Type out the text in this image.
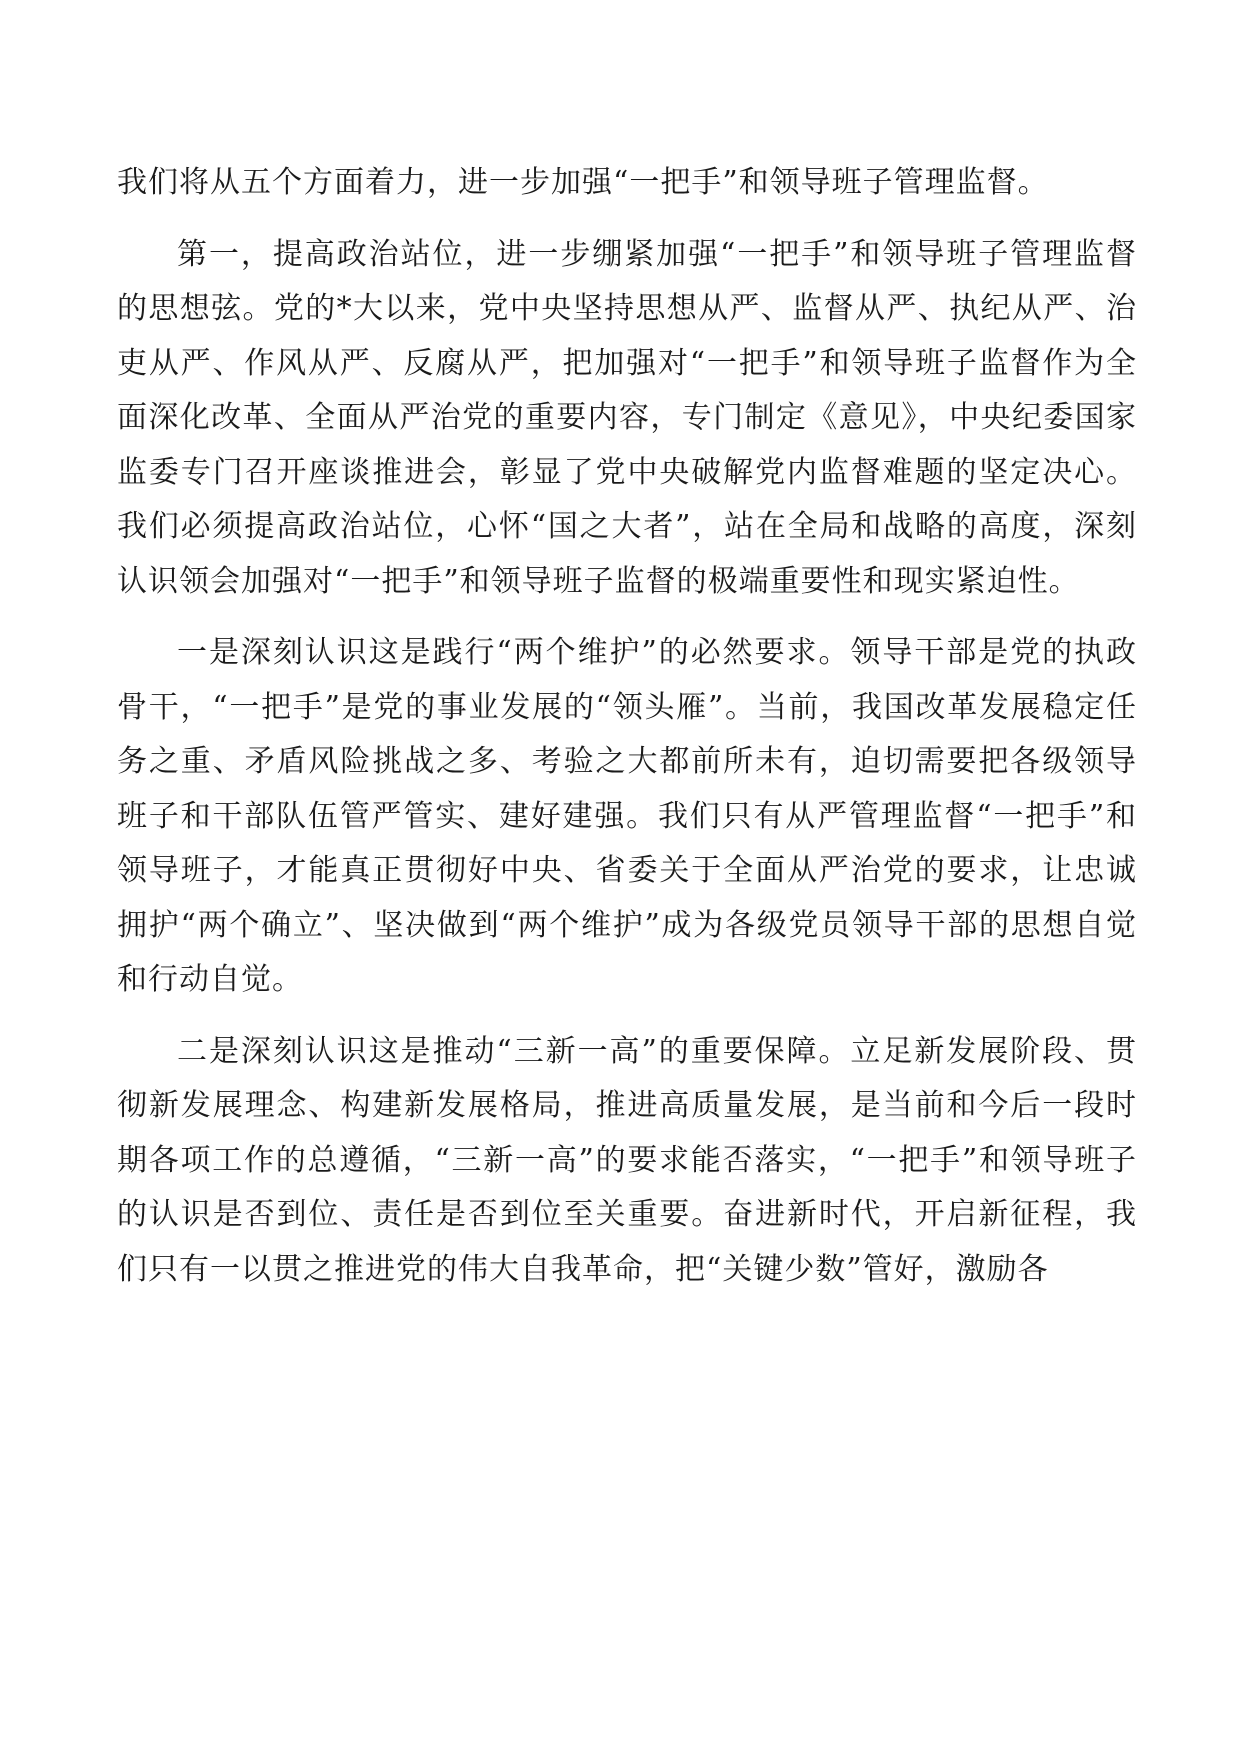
我们将从五个方面着力，进一步加强“一把手”和领导班子管理监督。

第一，提高政治站位，进一步绷紧加强“一把手”和领导班子管理监督的思想弦。党的*大以来，党中央坚持思想从严、监督从严、执纪从严、治吏从严、作风从严、反腐从严，把加强对“一把手”和领导班子监督作为全面深化改革、全面从严治党的重要内容，专门制定《意见》，中央纪委国家监委专门召开座谈推进会，彰显了党中央破解党内监督难题的坚定决心。我们必须提高政治站位，心怀“国之大者”，站在全局和战略的高度，深刻认识领会加强对“一把手”和领导班子监督的极端重要性和现实紧迫性。

一是深刻认识这是践行“两个维护”的必然要求。领导干部是党的执政骨干，“一把手”是党的事业发展的“领头雁”。当前，我国改革发展稳定任务之重、矛盾风险挑战之多、考验之大都前所未有，迫切需要把各级领导班子和干部队伍管严管实、建好建强。我们只有从严管理监督“一把手”和领导班子，才能真正贯彻好中央、省委关于全面从严治党的要求，让忠诚拥护“两个确立”、坚决做到“两个维护”成为各级党员领导干部的思想自觉和行动自觉。

二是深刻认识这是推动“三新一高”的重要保障。立足新发展阶段、贯彻新发展理念、构建新发展格局，推进高质量发展，是当前和今后一段时期各项工作的总遵循，“三新一高”的要求能否落实，“一把手”和领导班子的认识是否到位、责任是否到位至关重要。奋进新时代，开启新征程，我们只有一以贯之推进党的伟大自我革命，把“关键少数”管好，激励各
